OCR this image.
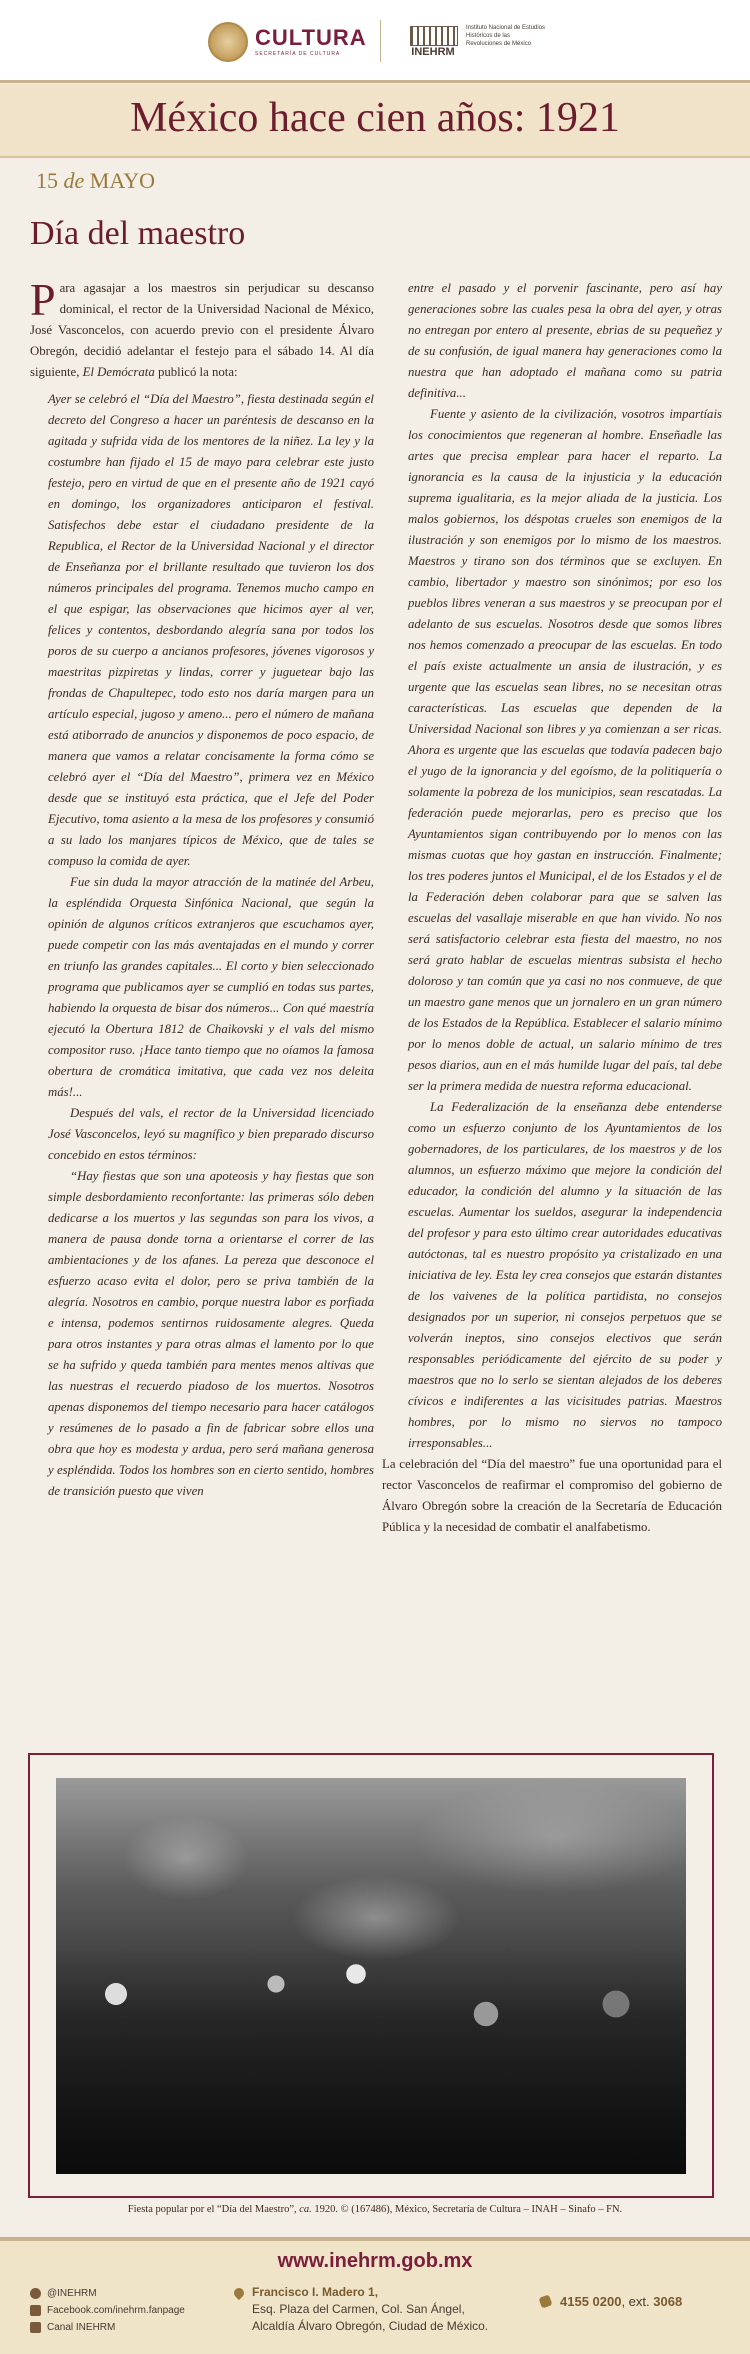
CULTURA
SECRETARÍA DE CULTURA	INEHRM
Instituto Nacional de Estudios Históricos de las Revoluciones de México
México hace cien años: 1921
15 de MAYO
Día del maestro

Para agasajar a los maestros sin perjudicar su descanso dominical, el rector de la Universidad Nacional de México, José Vasconcelos, con acuerdo previo con el presidente Álvaro Obregón, decidió adelantar el festejo para el sábado 14. Al día siguiente, El Demócrata publicó la nota:

Ayer se celebró el “Día del Maestro”, fiesta destinada según el decreto del Congreso a hacer un paréntesis de descanso en la agitada y sufrida vida de los mentores de la niñez. La ley y la costumbre han fijado el 15 de mayo para celebrar este justo festejo, pero en virtud de que en el presente año de 1921 cayó en domingo, los organizadores anticiparon el festival. Satisfechos debe estar el ciudadano presidente de la Republica, el Rector de la Universidad Nacional y el director de Enseñanza por el brillante resultado que tuvieron los dos números principales del programa. Tenemos mucho campo en el que espigar, las observaciones que hicimos ayer al ver, felices y contentos, desbordando alegría sana por todos los poros de su cuerpo a ancianos profesores, jóvenes vigorosos y maestritas pizpiretas y lindas, correr y juguetear bajo las frondas de Chapultepec, todo esto nos daría margen para un artículo especial, jugoso y ameno... pero el número de mañana está atiborrado de anuncios y disponemos de poco espacio, de manera que vamos a relatar concisamente la forma cómo se celebró ayer el “Día del Maestro”, primera vez en México desde que se instituyó esta práctica, que el Jefe del Poder Ejecutivo, toma asiento a la mesa de los profesores y consumió a su lado los manjares típicos de México, que de tales se compuso la comida de ayer.

Fue sin duda la mayor atracción de la matinée del Arbeu, la espléndida Orquesta Sinfónica Nacional, que según la opinión de algunos críticos extranjeros que escuchamos ayer, puede competir con las más aventajadas en el mundo y correr en triunfo las grandes capitales... El corto y bien seleccionado programa que publicamos ayer se cumplió en todas sus partes, habiendo la orquesta de bisar dos números... Con qué maestría ejecutó la Obertura 1812 de Chaikovski y el vals del mismo compositor ruso. ¡Hace tanto tiempo que no oíamos la famosa obertura de cromática imitativa, que cada vez nos deleita más!...

Después del vals, el rector de la Universidad licenciado José Vasconcelos, leyó su magnífico y bien preparado discurso concebido en estos términos:

“Hay fiestas que son una apoteosis y hay fiestas que son simple desbordamiento reconfortante: las primeras sólo deben dedicarse a los muertos y las segundas son para los vivos, a manera de pausa donde torna a orientarse el correr de las ambientaciones y de los afanes. La pereza que desconoce el esfuerzo acaso evita el dolor, pero se priva también de la alegría. Nosotros en cambio, porque nuestra labor es porfiada e intensa, podemos sentirnos ruidosamente alegres. Queda para otros instantes y para otras almas el lamento por lo que se ha sufrido y queda también para mentes menos altivas que las nuestras el recuerdo piadoso de los muertos. Nosotros apenas disponemos del tiempo necesario para hacer catálogos y resúmenes de lo pasado a fin de fabricar sobre ellos una obra que hoy es modesta y ardua, pero será mañana generosa y espléndida. Todos los hombres son en cierto sentido, hombres de transición puesto que viven

entre el pasado y el porvenir fascinante, pero así hay generaciones sobre las cuales pesa la obra del ayer, y otras no entregan por entero al presente, ebrias de su pequeñez y de su confusión, de igual manera hay generaciones como la nuestra que han adoptado el mañana como su patria definitiva...

Fuente y asiento de la civilización, vosotros impartíais los conocimientos que regeneran al hombre. Enseñadle las artes que precisa emplear para hacer el reparto. La ignorancia es la causa de la injusticia y la educación suprema igualitaria, es la mejor aliada de la justicia. Los malos gobiernos, los déspotas crueles son enemigos de la ilustración y son enemigos por lo mismo de los maestros. Maestros y tirano son dos términos que se excluyen. En cambio, libertador y maestro son sinónimos; por eso los pueblos libres veneran a sus maestros y se preocupan por el adelanto de sus escuelas. Nosotros desde que somos libres nos hemos comenzado a preocupar de las escuelas. En todo el país existe actualmente un ansia de ilustración, y es urgente que las escuelas sean libres, no se necesitan otras características. Las escuelas que dependen de la Universidad Nacional son libres y ya comienzan a ser ricas. Ahora es urgente que las escuelas que todavía padecen bajo el yugo de la ignorancia y del egoísmo, de la politiquería o solamente la pobreza de los municipios, sean rescatadas. La federación puede mejorarlas, pero es preciso que los Ayuntamientos sigan contribuyendo por lo menos con las mismas cuotas que hoy gastan en instrucción. Finalmente; los tres poderes juntos el Municipal, el de los Estados y el de la Federación deben colaborar para que se salven las escuelas del vasallaje miserable en que han vivido. No nos será satisfactorio celebrar esta fiesta del maestro, no nos será grato hablar de escuelas mientras subsista el hecho doloroso y tan común que ya casi no nos conmueve, de que un maestro gane menos que un jornalero en un gran número de los Estados de la República. Establecer el salario mínimo por lo menos doble de actual, un salario mínimo de tres pesos diarios, aun en el más humilde lugar del país, tal debe ser la primera medida de nuestra reforma educacional.

La Federalización de la enseñanza debe entenderse como un esfuerzo conjunto de los Ayuntamientos de los gobernadores, de los particulares, de los maestros y de los alumnos, un esfuerzo máximo que mejore la condición del educador, la condición del alumno y la situación de las escuelas. Aumentar los sueldos, asegurar la independencia del profesor y para esto último crear autoridades educativas autóctonas, tal es nuestro propósito ya cristalizado en una iniciativa de ley. Esta ley crea consejos que estarán distantes de los vaivenes de la política partidista, no consejos designados por un superior, ni consejos perpetuos que se volverán ineptos, sino consejos electivos que serán responsables periódicamente del ejército de su poder y maestros que no lo serlo se sientan alejados de los deberes cívicos e indiferentes a las vicisitudes patrias. Maestros hombres, por lo mismo no siervos no tampoco irresponsables...

La celebración del “Día del maestro” fue una oportunidad para el rector Vasconcelos de reafirmar el compromiso del gobierno de Álvaro Obregón sobre la creación de la Secretaría de Educación Pública y la necesidad de combatir el analfabetismo.

Fiesta popular por el “Día del Maestro”, ca. 1920. © (167486), México, Secretaría de Cultura – INAH – Sinafo – FN.
www.inehrm.gob.mx
@INEHRM
Facebook.com/inehrm.fanpage
Canal INEHRM
Francisco I. Madero 1,
Esq. Plaza del Carmen, Col. San Ángel,
Alcaldía Álvaro Obregón, Ciudad de México.
4155 0200, ext. 3068
